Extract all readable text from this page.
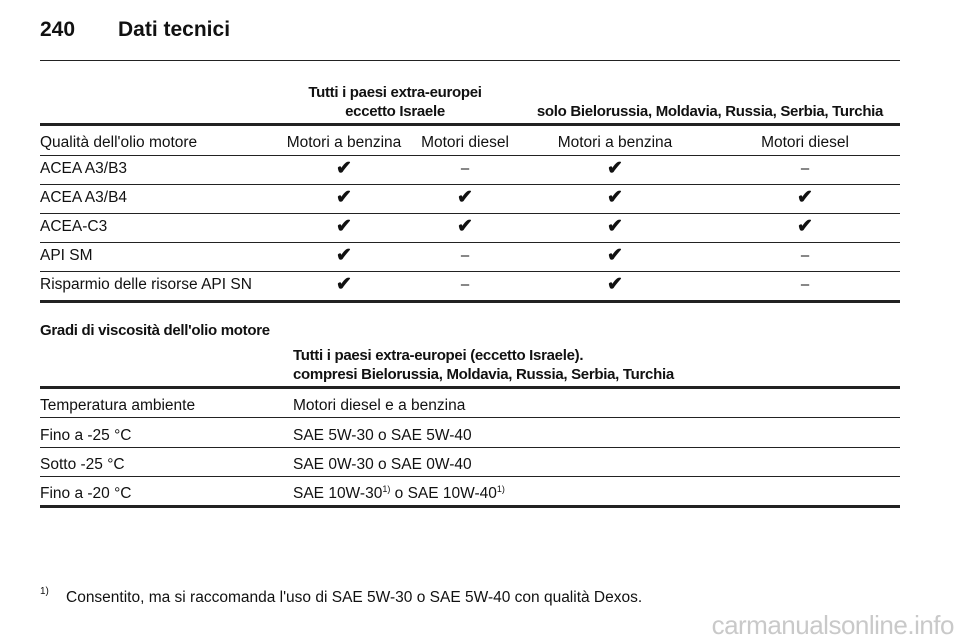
240 Dati tecnici
Tutti i paesi extra-europei
eccetto Israele	solo Bielorussia, Moldavia, Russia, Serbia, Turchia
Qualità dell'olio motore	Motori a benzina	Motori diesel	Motori a benzina	Motori diesel
ACEA A3/B3	✔	–	✔	–
ACEA A3/B4	✔	✔	✔	✔
ACEA-C3	✔	✔	✔	✔
API SM	✔	–	✔	–
Risparmio delle risorse API SN	✔	–	✔	–
Gradi di viscosità dell'olio motore
Tutti i paesi extra-europei (eccetto Israele).
compresi Bielorussia, Moldavia, Russia, Serbia, Turchia
Temperatura ambiente	Motori diesel e a benzina
Fino a -25 °C	SAE 5W-30 o SAE 5W-40
Sotto -25 °C	SAE 0W-30 o SAE 0W-40
Fino a -20 °C	SAE 10W-30$^{1)}$ o SAE 10W-40$^{1)}$
1) Consentito, ma si raccomanda l'uso di SAE 5W-30 o SAE 5W-40 con qualità Dexos.
carmanualsonline.info
